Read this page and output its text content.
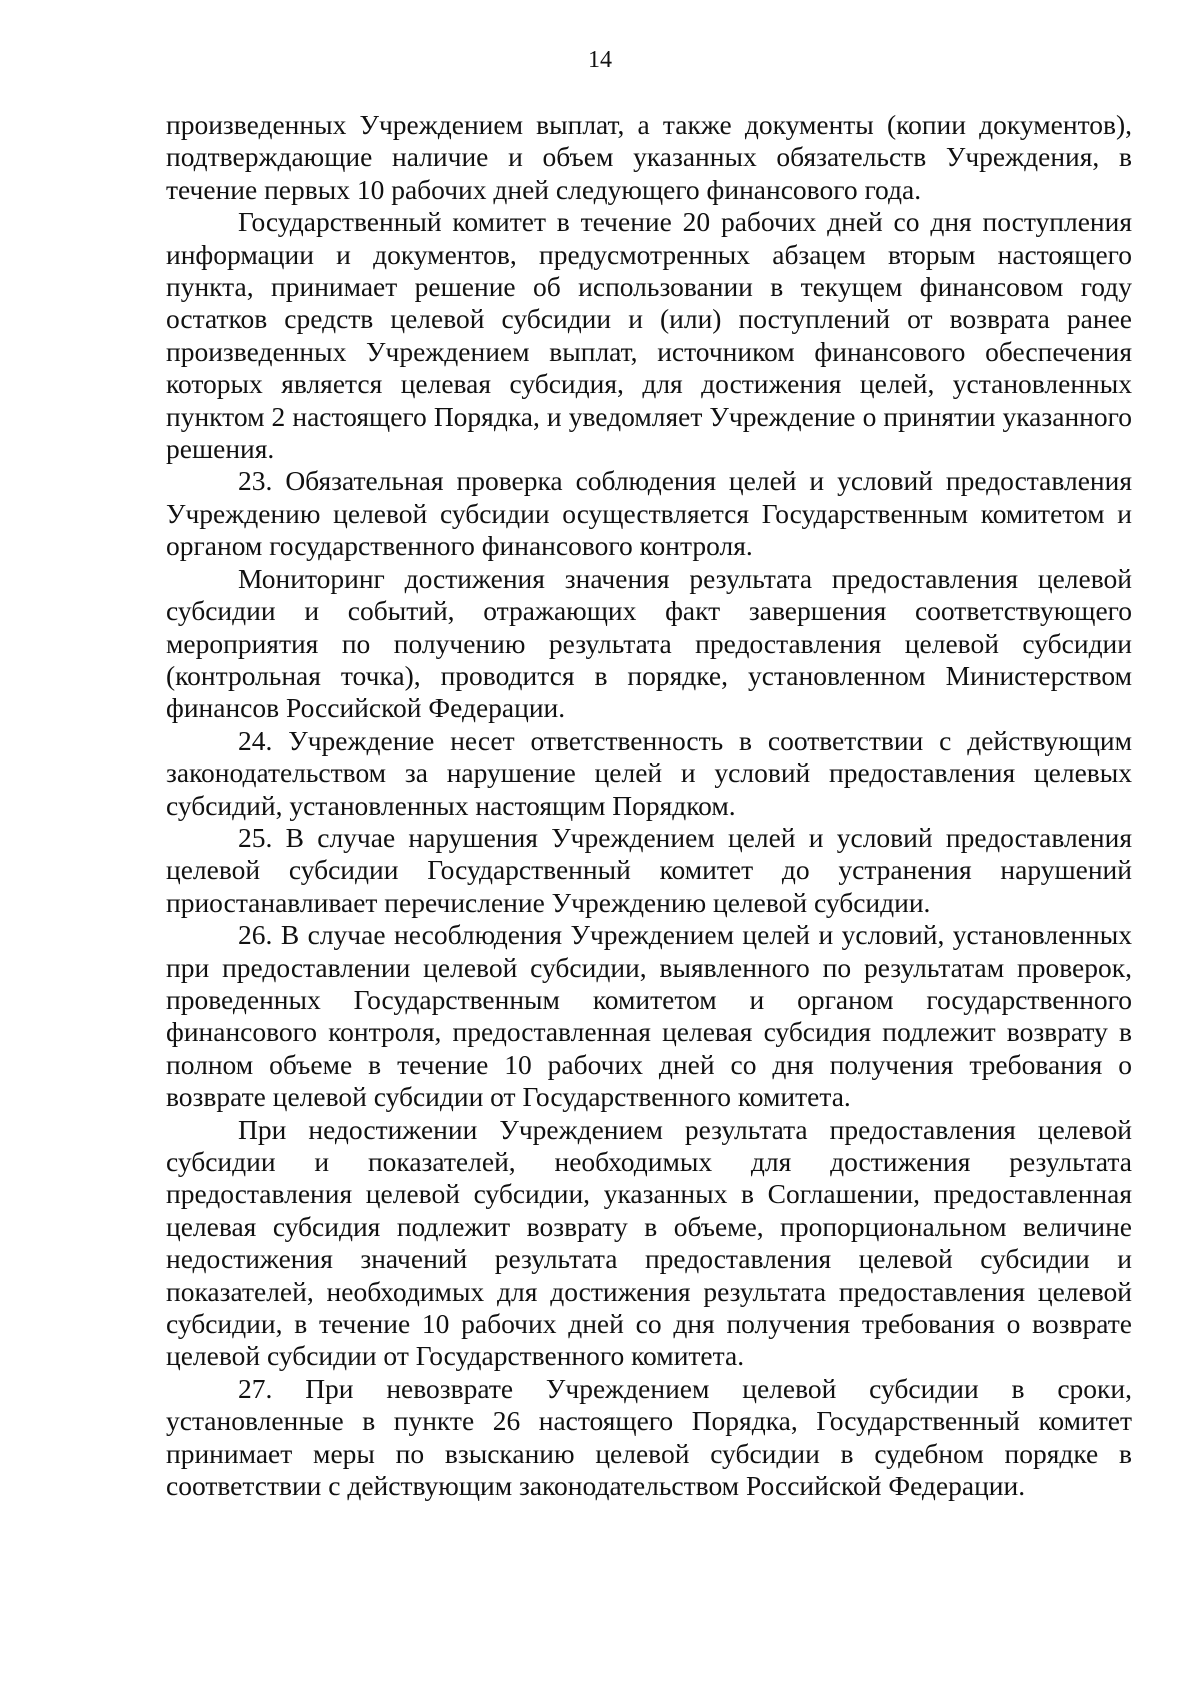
14

произведенных Учреждением выплат, а также документы (копии документов), подтверждающие наличие и объем указанных обязательств Учреждения, в течение первых 10 рабочих дней следующего финансового года.

Государственный комитет в течение 20 рабочих дней со дня поступления информации и документов, предусмотренных абзацем вторым настоящего пункта, принимает решение об использовании в текущем финансовом году остатков средств целевой субсидии и (или) поступлений от возврата ранее произведенных Учреждением выплат, источником финансового обеспечения которых является целевая субсидия, для достижения целей, установленных пунктом 2 настоящего Порядка, и уведомляет Учреждение о принятии указанного решения.

23. Обязательная проверка соблюдения целей и условий предоставления Учреждению целевой субсидии осуществляется Государственным комитетом и органом государственного финансового контроля.

Мониторинг достижения значения результата предоставления целевой субсидии и событий, отражающих факт завершения соответствующего мероприятия по получению результата предоставления целевой субсидии (контрольная точка), проводится в порядке, установленном Министерством финансов Российской Федерации.

24. Учреждение несет ответственность в соответствии с действующим законодательством за нарушение целей и условий предоставления целевых субсидий, установленных настоящим Порядком.

25. В случае нарушения Учреждением целей и условий предоставления целевой субсидии Государственный комитет до устранения нарушений приостанавливает перечисление Учреждению целевой субсидии.

26. В случае несоблюдения Учреждением целей и условий, установленных при предоставлении целевой субсидии, выявленного по результатам проверок, проведенных Государственным комитетом и органом государственного финансового контроля, предоставленная целевая субсидия подлежит возврату в полном объеме в течение 10 рабочих дней со дня получения требования о возврате целевой субсидии от Государственного комитета.

При недостижении Учреждением результата предоставления целевой субсидии и показателей, необходимых для достижения результата предоставления целевой субсидии, указанных в Соглашении, предоставленная целевая субсидия подлежит возврату в объеме, пропорциональном величине недостижения значений результата предоставления целевой субсидии и показателей, необходимых для достижения результата предоставления целевой субсидии, в течение 10 рабочих дней со дня получения требования о возврате целевой субсидии от Государственного комитета.

27. При невозврате Учреждением целевой субсидии в сроки, установленные в пункте 26 настоящего Порядка, Государственный комитет принимает меры по взысканию целевой субсидии в судебном порядке в соответствии с действующим законодательством Российской Федерации.
